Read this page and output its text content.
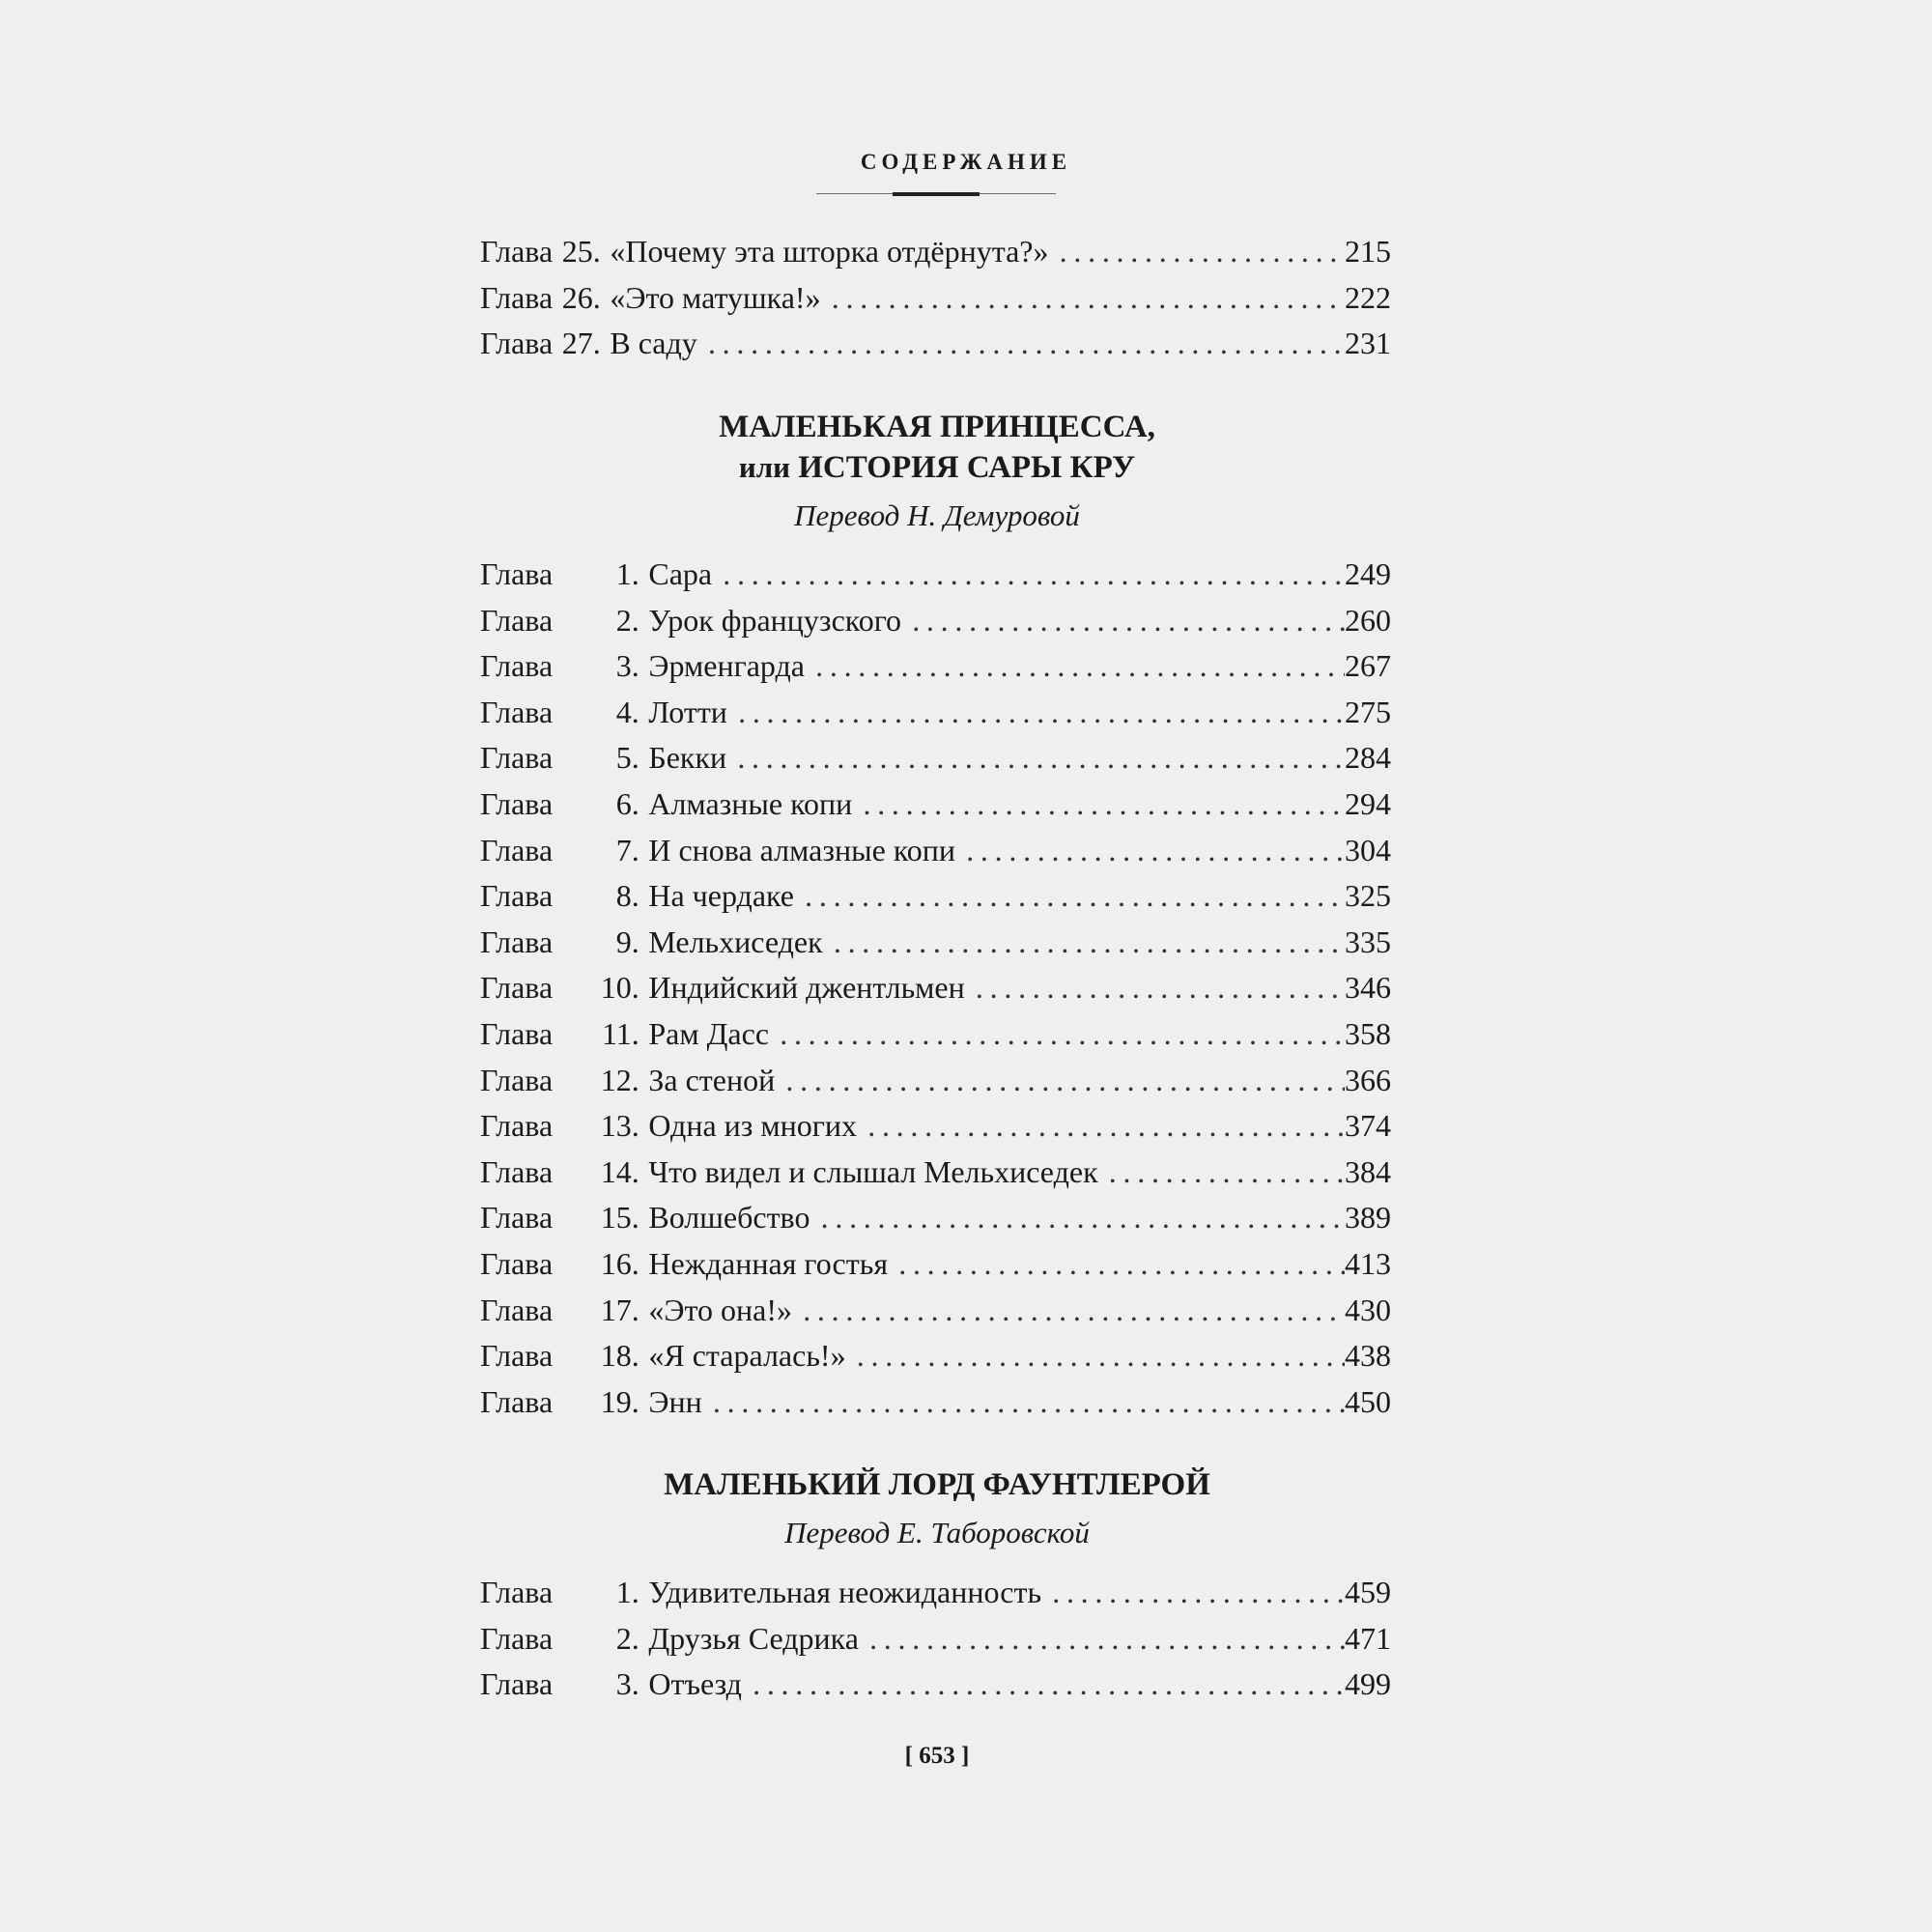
СОДЕРЖАНИЕ
Глава 25. «Почему эта шторка отдёрнута?» . . .	215
Глава 26. «Это матушка!» . . .	222
Глава 27. В саду . . .	231
МАЛЕНЬКАЯ ПРИНЦЕССА,
или ИСТОРИЯ САРЫ КРУ
Перевод Н. Демуровой
Глава	1. Сара . . .	249
Глава	2. Урок французского . . .	260
Глава	3. Эрменгарда . . .	267
Глава	4. Лотти . . .	275
Глава	5. Бекки . . .	284
Глава	6. Алмазные копи . . .	294
Глава	7. И снова алмазные копи . . .	304
Глава	8. На чердаке . . .	325
Глава	9. Мельхиседек . . .	335
Глава	10. Индийский джентльмен . . .	346
Глава	11. Рам Дасс . . .	358
Глава	12. За стеной . . .	366
Глава	13. Одна из многих . . .	374
Глава	14. Что видел и слышал Мельхиседек . . .	384
Глава	15. Волшебство . . .	389
Глава	16. Нежданная гостья . . .	413
Глава	17. «Это она!» . . .	430
Глава	18. «Я старалась!» . . .	438
Глава	19. Энн . . .	450
МАЛЕНЬКИЙ ЛОРД ФАУНТЛЕРОЙ
Перевод Е. Таборовской
Глава	1. Удивительная неожиданность . . .	459
Глава	2. Друзья Седрика . . .	471
Глава	3. Отъезд . . .	499
[ 653 ]
